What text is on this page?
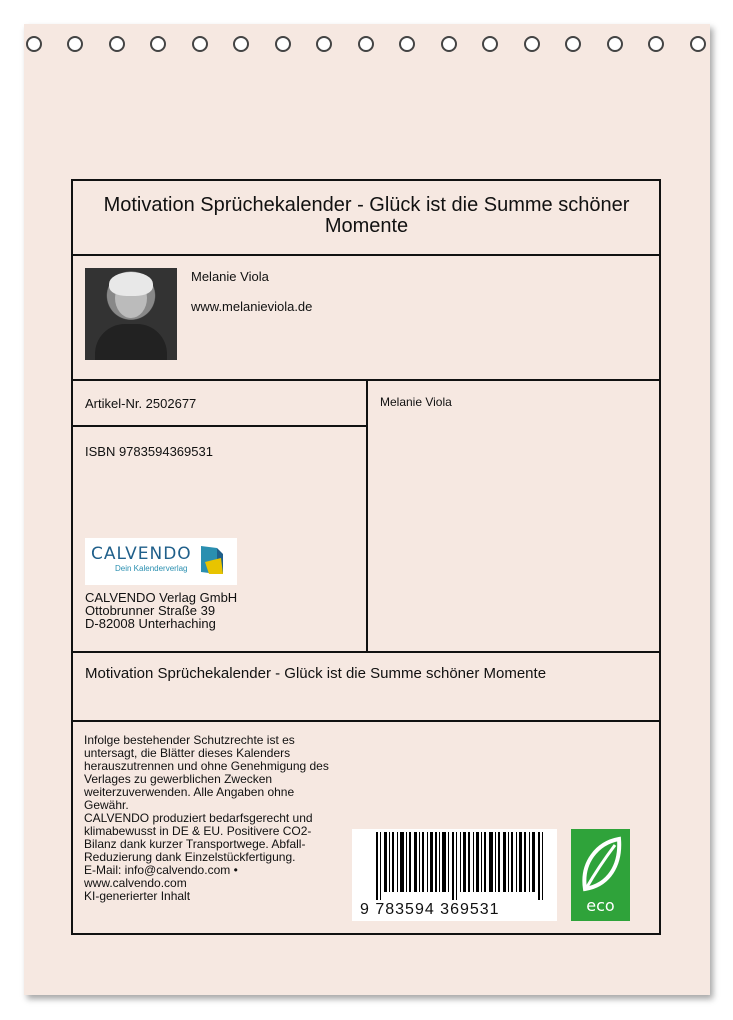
Motivation Sprüchekalender - Glück ist die Summe schöner Momente
Melanie Viola
www.melanieviola.de
Artikel-Nr. 2502677	Melanie Viola
ISBN 9783594369531
CALVENDO
Dein Kalenderverlag
CALVENDO Verlag GmbH
Ottobrunner Straße 39
D-82008 Unterhaching
Motivation Sprüchekalender - Glück ist die Summe schöner Momente
Infolge bestehender Schutzrechte ist es
untersagt, die Blätter dieses Kalenders
herauszutrennen und ohne Genehmigung des
Verlages zu gewerblichen Zwecken
weiterzuverwenden. Alle Angaben ohne
Gewähr.
CALVENDO produziert bedarfsgerecht und
klimabewusst in DE & EU. Positivere CO2-
Bilanz dank kurzer Transportwege. Abfall-
Reduzierung dank Einzelstückfertigung.
E-Mail: info@calvendo.com •
www.calvendo.com
KI-generierter Inhalt
9 783594 369531	eco
